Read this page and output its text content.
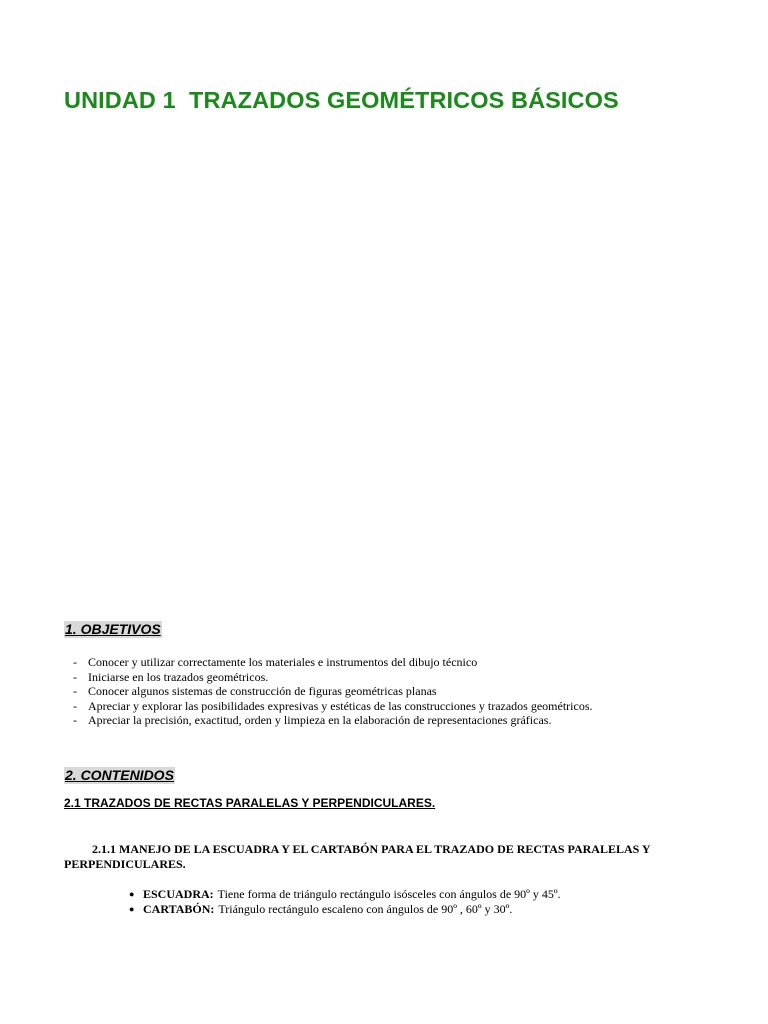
UNIDAD 1  TRAZADOS GEOMÉTRICOS BÁSICOS
1. OBJETIVOS
- Conocer y utilizar correctamente los materiales e instrumentos del dibujo técnico
- Iniciarse en los trazados geométricos.
- Conocer algunos sistemas de construcción de figuras geométricas planas
- Apreciar y explorar las posibilidades expresivas y estéticas de las construcciones y trazados geométricos.
- Apreciar la precisión, exactitud, orden y limpieza en la elaboración de representaciones gráficas.
2. CONTENIDOS
2.1 TRAZADOS DE RECTAS PARALELAS Y PERPENDICULARES.
2.1.1 MANEJO DE LA ESCUADRA Y EL CARTABÓN PARA EL TRAZADO DE RECTAS PARALELAS Y PERPENDICULARES.
● ESCUADRA: Tiene forma de triángulo rectángulo isósceles con ángulos de 90º y 45º.
● CARTABÓN: Triángulo rectángulo escaleno con ángulos de 90º , 60º y 30º.
